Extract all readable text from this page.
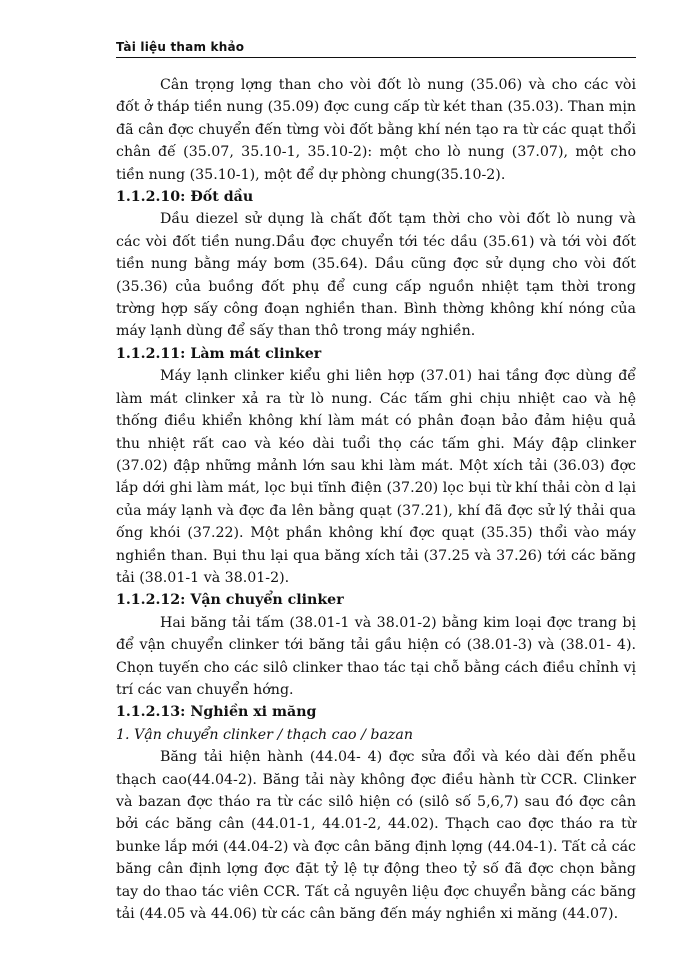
Tài liệu tham khảo

Cân trọng lợng than cho vòi đốt lò nung (35.06) và cho các vòi đốt ở tháp tiền nung (35.09) đợc cung cấp từ két than (35.03). Than mịn đã cân đợc chuyển đến từng vòi đốt bằng khí nén tạo ra từ các quạt thổi chân đế (35.07, 35.10-1, 35.10-2): một cho lò nung (37.07), một cho tiền nung (35.10-1), một để dự phòng chung(35.10-2).

1.1.2.10: Đốt dầu

Dầu diezel sử dụng là chất đốt tạm thời cho vòi đốt lò nung và các vòi đốt tiền nung.Dầu đợc chuyển tới téc dầu (35.61) và tới vòi đốt tiền nung bằng máy bơm (35.64). Dầu cũng đợc sử dụng cho vòi đốt (35.36) của buồng đốt phụ để cung cấp nguồn nhiệt tạm thời trong trờng hợp sấy công đoạn nghiền than. Bình thờng không khí nóng của máy lạnh dùng để sấy than thô trong máy nghiền.

1.1.2.11: Làm mát clinker

Máy lạnh clinker kiểu ghi liên hợp (37.01) hai tầng đợc dùng để làm mát clinker xả ra từ lò nung. Các tấm ghi chịu nhiệt cao và hệ thống điều khiển không khí làm mát có phân đoạn bảo đảm hiệu quả thu nhiệt rất cao và kéo dài tuổi thọ các tấm ghi. Máy đập clinker (37.02) đập những mảnh lớn sau khi làm mát. Một xích tải (36.03) đợc lắp dới ghi làm mát, lọc bụi tĩnh điện (37.20) lọc bụi từ khí thải còn d lại của máy lạnh và đợc đa lên bằng quạt (37.21), khí đã đợc sử lý thải qua ống khói (37.22). Một phần không khí đợc quạt (35.35) thổi vào máy nghiền than. Bụi thu lại qua băng xích tải (37.25 và 37.26) tới các băng tải (38.01-1 và 38.01-2).

1.1.2.12: Vận chuyển clinker

Hai băng tải tấm (38.01-1 và 38.01-2) bằng kim loại đợc trang bị để vận chuyển clinker tới băng tải gầu hiện có (38.01-3) và (38.01- 4). Chọn tuyến cho các silô clinker thao tác tại chỗ bằng cách điều chỉnh vị trí các van chuyển hớng.

1.1.2.13: Nghiền xi măng
1. Vận chuyển clinker / thạch cao / bazan

Băng tải hiện hành (44.04- 4) đợc sửa đổi và kéo dài đến phễu thạch cao(44.04-2). Băng tải này không đợc điều hành từ CCR. Clinker và bazan đợc tháo ra từ các silô hiện có (silô số 5,6,7) sau đó đợc cân bởi các băng cân (44.01-1, 44.01-2, 44.02). Thạch cao đợc tháo ra từ bunke lắp mới (44.04-2) và đợc cân băng định lợng (44.04-1). Tất cả các băng cân định lợng đợc đặt tỷ lệ tự động theo tỷ số đã đợc chọn bằng tay do thao tác viên CCR. Tất cả nguyên liệu đợc chuyển bằng các băng tải (44.05 và 44.06) từ các cân băng đến máy nghiền xi măng (44.07).
